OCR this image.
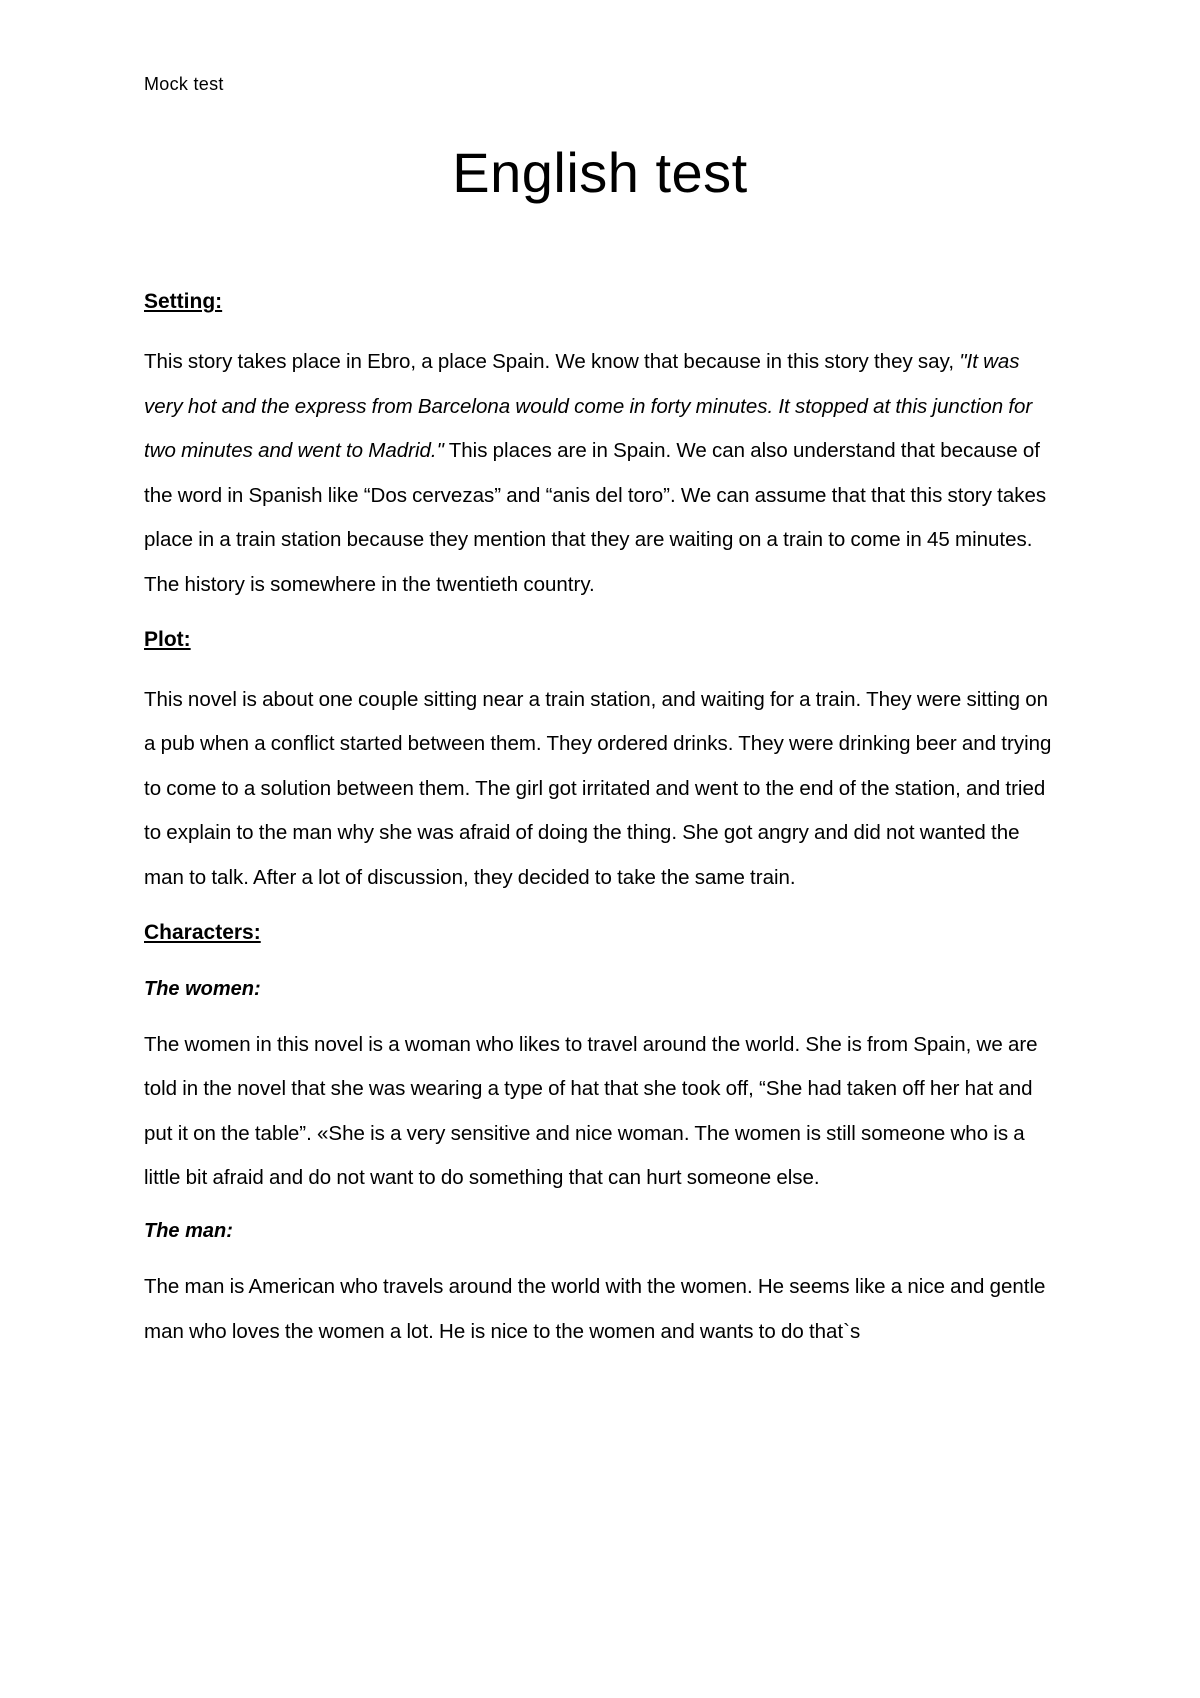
Mock test
English test
Setting:

This story takes place in Ebro, a place Spain. We know that because in this story they say, "It was very hot and the express from Barcelona would come in forty minutes. It stopped at this junction for two minutes and went to Madrid." This places are in Spain. We can also understand that because of the word in Spanish like “Dos cervezas” and “anis del toro”. We can assume that that this story takes place in a train station because they mention that they are waiting on a train to come in 45 minutes. The history is somewhere in the twentieth country.

Plot:

This novel is about one couple sitting near a train station, and waiting for a train. They were sitting on a pub when a conflict started between them. They ordered drinks. They were drinking beer and trying to come to a solution between them. The girl got irritated and went to the end of the station, and tried to explain to the man why she was afraid of doing the thing. She got angry and did not wanted the man to talk. After a lot of discussion, they decided to take the same train.

Characters:
The women:

The women in this novel is a woman who likes to travel around the world. She is from Spain, we are told in the novel that she was wearing a type of hat that she took off, “She had taken off her hat and put it on the table”. «She is a very sensitive and nice woman. The women is still someone who is a little bit afraid and do not want to do something that can hurt someone else.

The man:

The man is American who travels around the world with the women. He seems like a nice and gentle man who loves the women a lot. He is nice to the women and wants to do that`s
